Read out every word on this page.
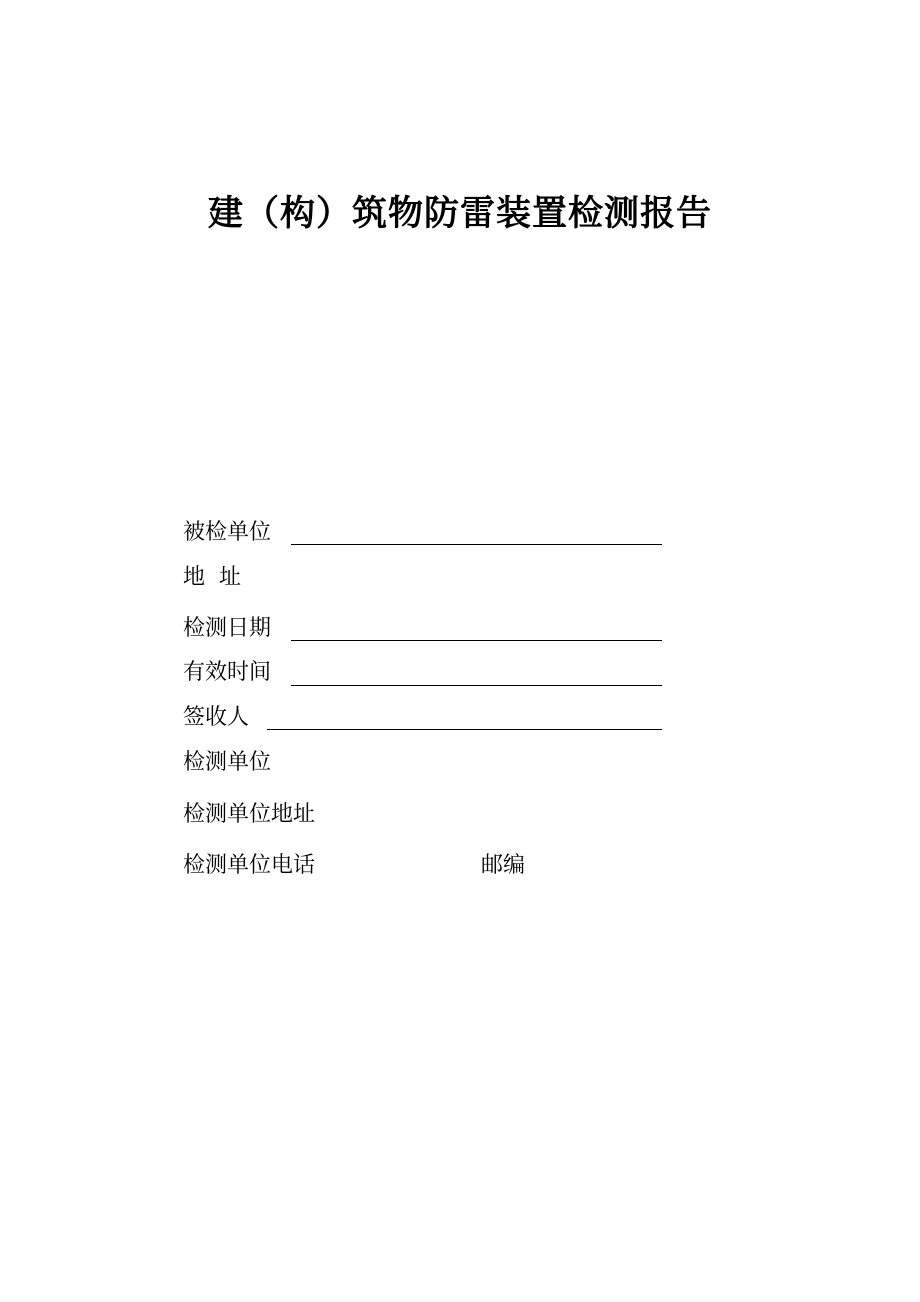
建（构）筑物防雷装置检测报告
被检单位
地  址
检测日期
有效时间
签收人
检测单位
检测单位地址
检测单位电话	邮编
